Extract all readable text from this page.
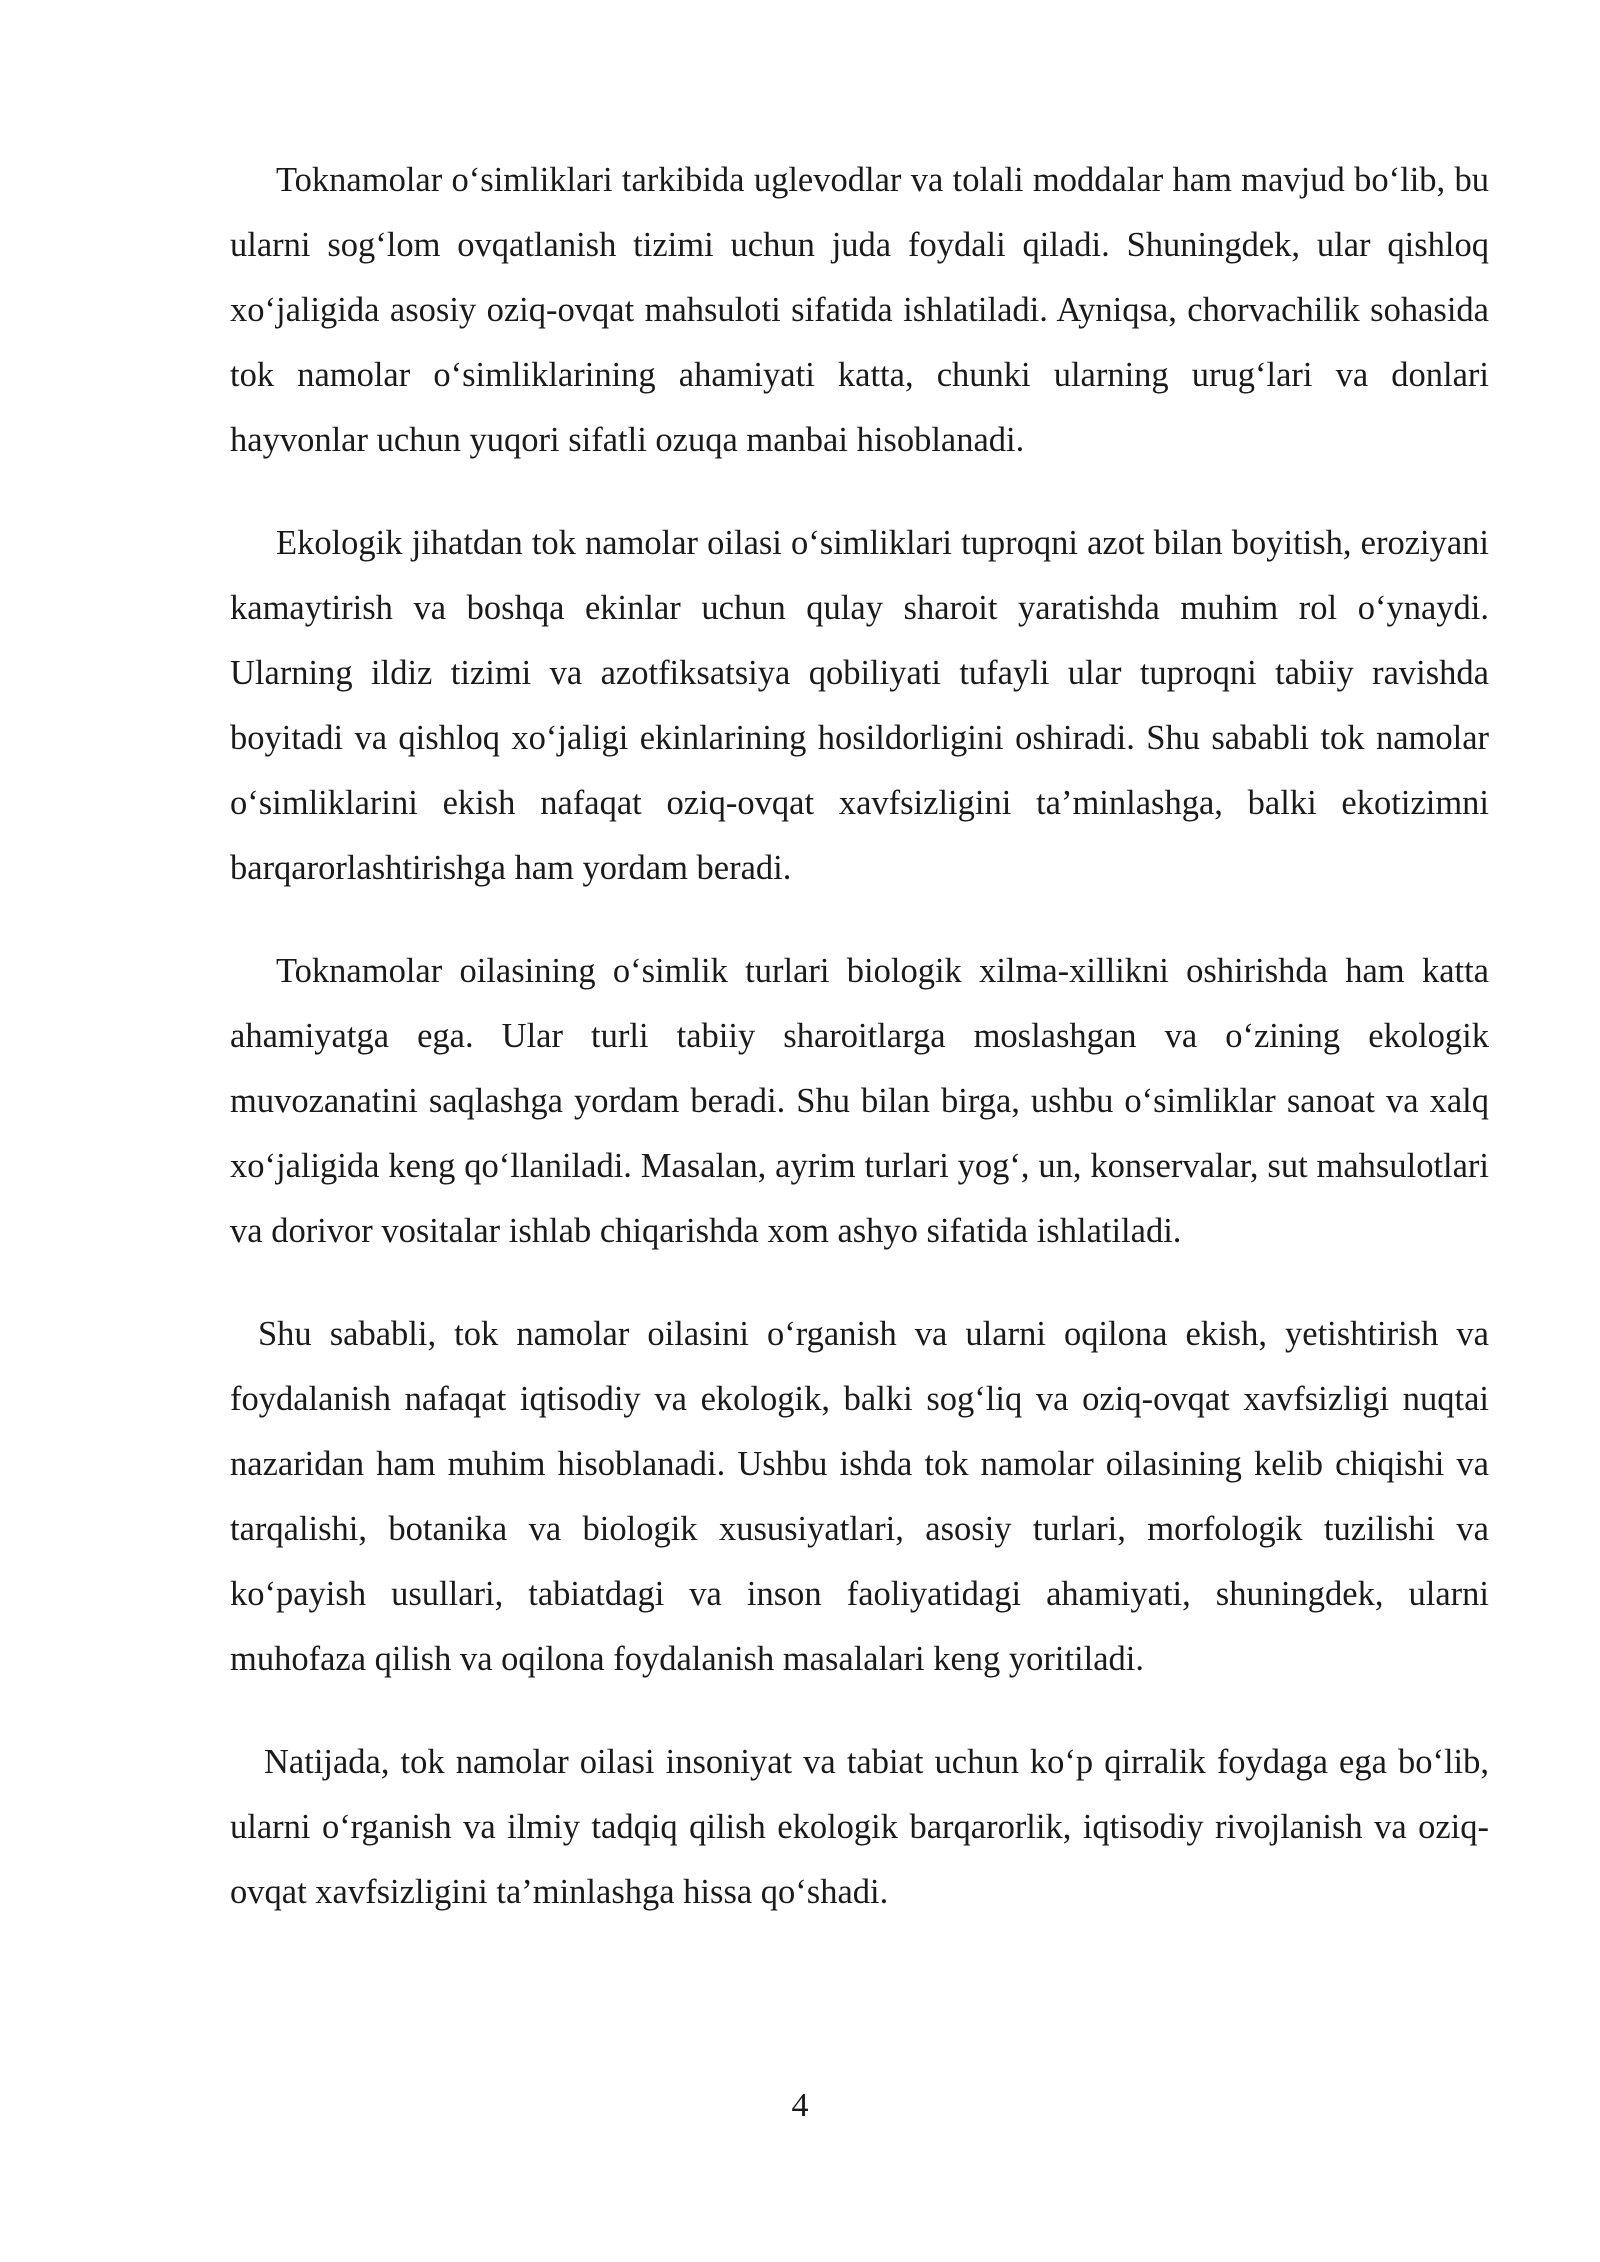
Toknamolar o‘simliklari tarkibida uglevodlar va tolali moddalar ham mavjud bo‘lib, bu ularni sog‘lom ovqatlanish tizimi uchun juda foydali qiladi. Shuningdek, ular qishloq xo‘jaligida asosiy oziq-ovqat mahsuloti sifatida ishlatiladi. Ayniqsa, chorvachilik sohasida tok namolar o‘simliklarining ahamiyati katta, chunki ularning urug‘lari va donlari hayvonlar uchun yuqori sifatli ozuqa manbai hisoblanadi.

Ekologik jihatdan tok namolar oilasi o‘simliklari tuproqni azot bilan boyitish, eroziyani kamaytirish va boshqa ekinlar uchun qulay sharoit yaratishda muhim rol o‘ynaydi. Ularning ildiz tizimi va azotfiksatsiya qobiliyati tufayli ular tuproqni tabiiy ravishda boyitadi va qishloq xo‘jaligi ekinlarining hosildorligini oshiradi. Shu sababli tok namolar o‘simliklarini ekish nafaqat oziq-ovqat xavfsizligini ta’minlashga, balki ekotizimni barqarorlashtirishga ham yordam beradi.

Toknamolar oilasining o‘simlik turlari biologik xilma-xillikni oshirishda ham katta ahamiyatga ega. Ular turli tabiiy sharoitlarga moslashgan va o‘zining ekologik muvozanatini saqlashga yordam beradi. Shu bilan birga, ushbu o‘simliklar sanoat va xalq xo‘jaligida keng qo‘llaniladi. Masalan, ayrim turlari yog‘, un, konservalar, sut mahsulotlari va dorivor vositalar ishlab chiqarishda xom ashyo sifatida ishlatiladi.

Shu sababli, tok namolar oilasini o‘rganish va ularni oqilona ekish, yetishtirish va foydalanish nafaqat iqtisodiy va ekologik, balki sog‘liq va oziq-ovqat xavfsizligi nuqtai nazaridan ham muhim hisoblanadi. Ushbu ishda tok namolar oilasining kelib chiqishi va tarqalishi, botanika va biologik xususiyatlari, asosiy turlari, morfologik tuzilishi va ko‘payish usullari, tabiatdagi va inson faoliyatidagi ahamiyati, shuningdek, ularni muhofaza qilish va oqilona foydalanish masalalari keng yoritiladi.

Natijada, tok namolar oilasi insoniyat va tabiat uchun ko‘p qirralik foydaga ega bo‘lib, ularni o‘rganish va ilmiy tadqiq qilish ekologik barqarorlik, iqtisodiy rivojlanish va oziq-ovqat xavfsizligini ta’minlashga hissa qo‘shadi.

4
